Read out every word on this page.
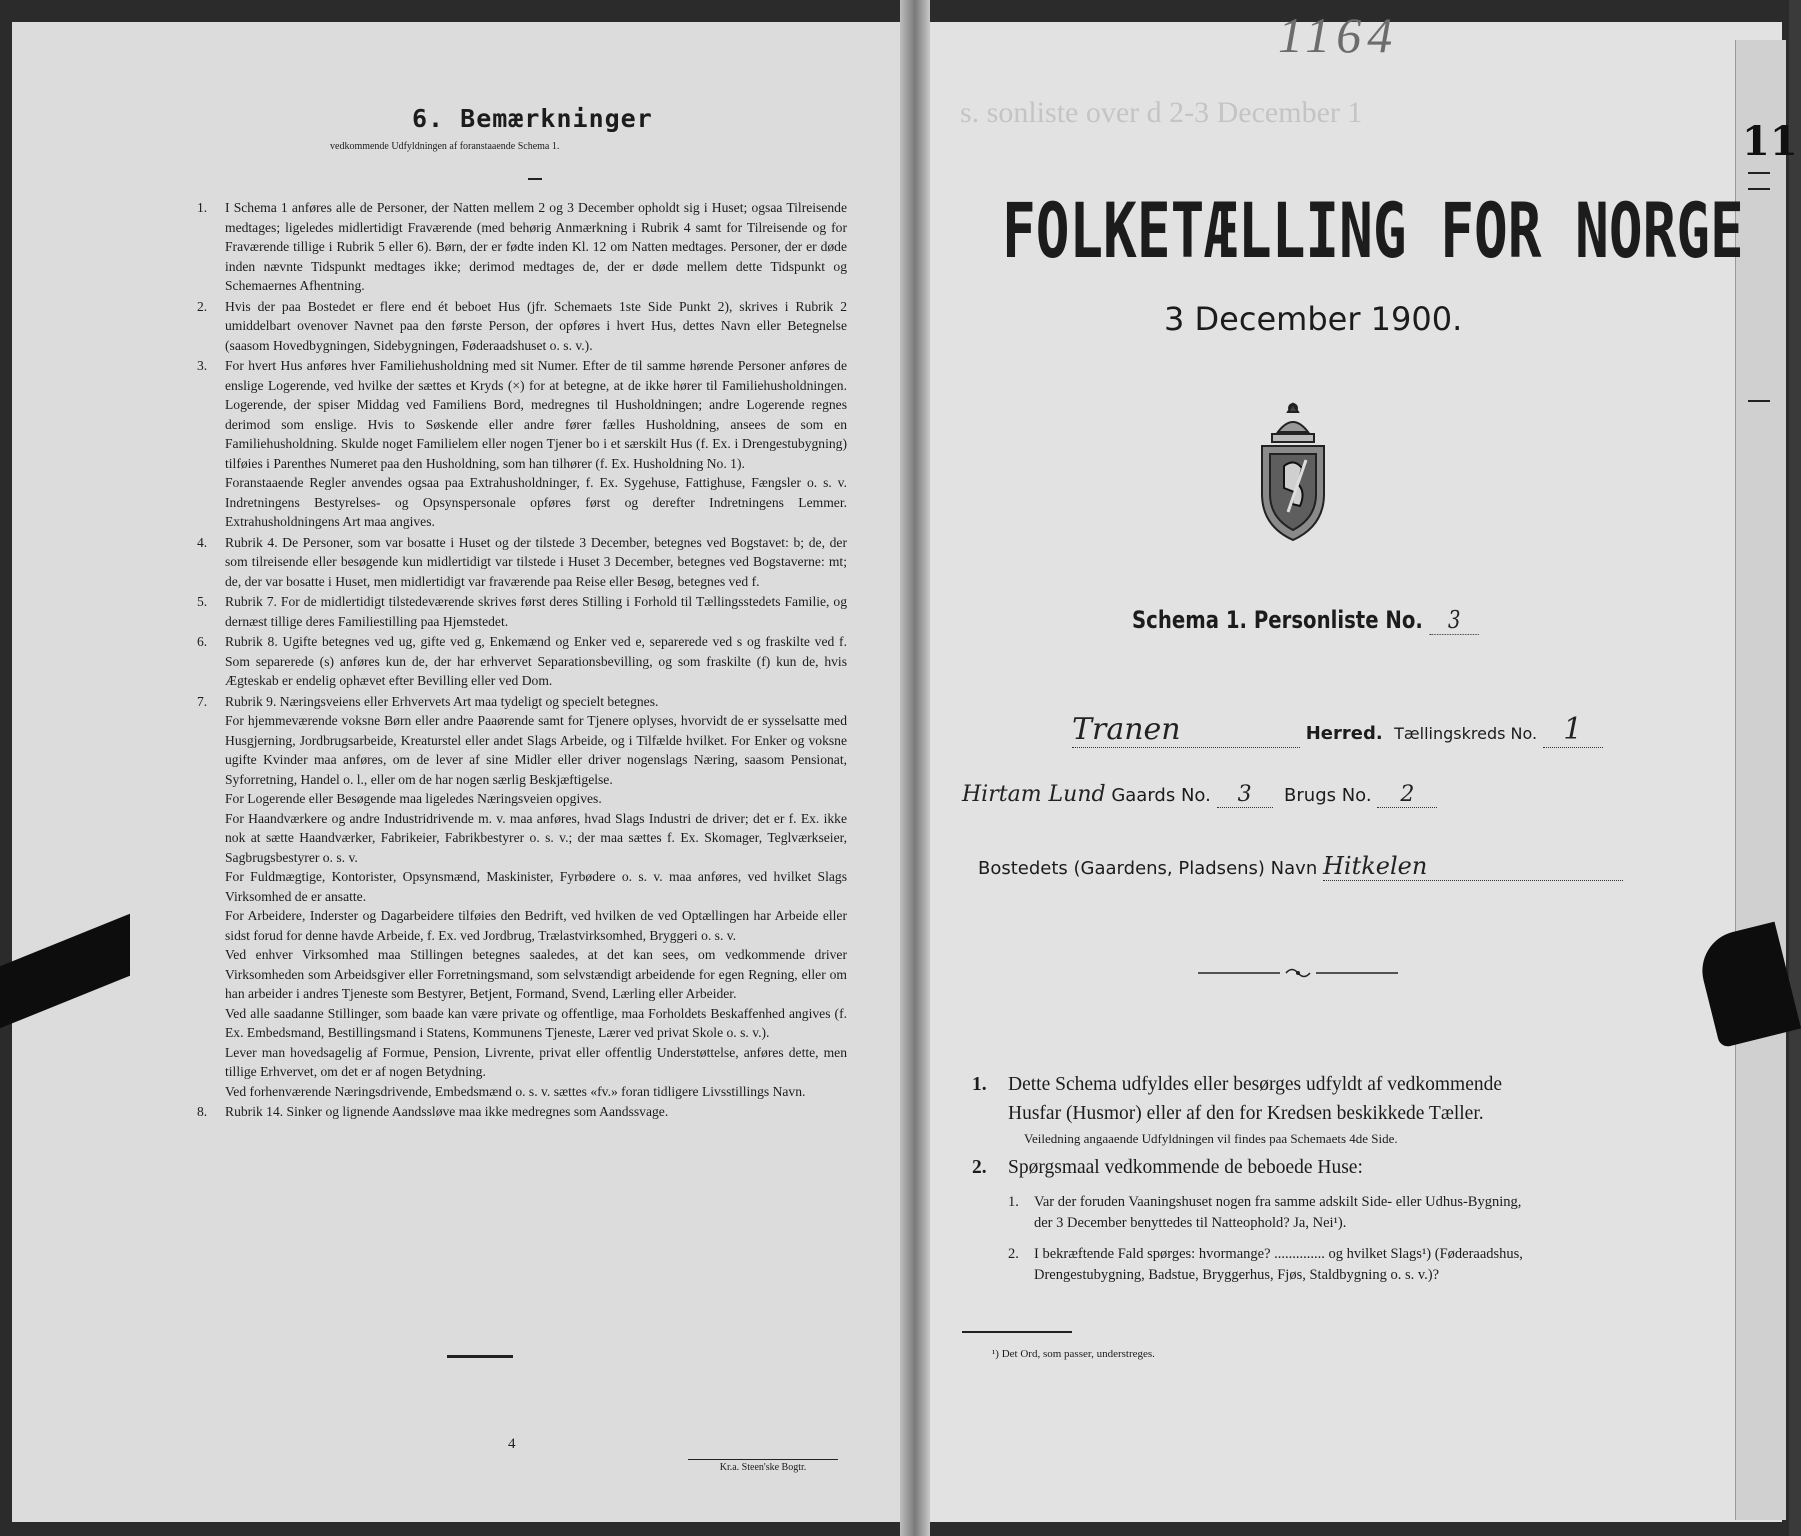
11
6. Bemærkninger
vedkommende Udfyldningen af foranstaaende Schema 1.
1.	I Schema 1 anføres alle de Personer, der Natten mellem 2 og 3 December opholdt sig i Huset; ogsaa Tilreisende medtages; ligeledes midlertidigt Fraværende (med behørig Anmærkning i Rubrik 4 samt for Tilreisende og for Fraværende tillige i Rubrik 5 eller 6). Børn, der er fødte inden Kl. 12 om Natten medtages. Personer, der er døde inden nævnte Tidspunkt medtages ikke; derimod medtages de, der er døde mellem dette Tidspunkt og Schemaernes Afhentning.
2.	Hvis der paa Bostedet er flere end ét beboet Hus (jfr. Schemaets 1ste Side Punkt 2), skrives i Rubrik 2 umiddelbart ovenover Navnet paa den første Person, der opføres i hvert Hus, dettes Navn eller Betegnelse (saasom Hovedbygningen, Sidebygningen, Føderaadshuset o. s. v.).
3.	For hvert Hus anføres hver Familiehusholdning med sit Numer. Efter de til samme hørende Personer anføres de enslige Logerende, ved hvilke der sættes et Kryds (×) for at betegne, at de ikke hører til Familiehusholdningen. Logerende, der spiser Middag ved Familiens Bord, medregnes til Husholdningen; andre Logerende regnes derimod som enslige. Hvis to Søskende eller andre fører fælles Husholdning, ansees de som en Familiehusholdning. Skulde noget Familielem eller nogen Tjener bo i et særskilt Hus (f. Ex. i Drengestubygning) tilføies i Parenthes Numeret paa den Husholdning, som han tilhører (f. Ex. Husholdning No. 1).
Foranstaaende Regler anvendes ogsaa paa Extrahusholdninger, f. Ex. Sygehuse, Fattighuse, Fængsler o. s. v. Indretningens Bestyrelses- og Opsynspersonale opføres først og derefter Indretningens Lemmer. Extrahusholdningens Art maa angives.
4.	Rubrik 4. De Personer, som var bosatte i Huset og der tilstede 3 December, betegnes ved Bogstavet: b; de, der som tilreisende eller besøgende kun midlertidigt var tilstede i Huset 3 December, betegnes ved Bogstaverne: mt; de, der var bosatte i Huset, men midlertidigt var fraværende paa Reise eller Besøg, betegnes ved f.
5.	Rubrik 7. For de midlertidigt tilstedeværende skrives først deres Stilling i Forhold til Tællingsstedets Familie, og dernæst tillige deres Familiestilling paa Hjemstedet.
6.	Rubrik 8. Ugifte betegnes ved ug, gifte ved g, Enkemænd og Enker ved e, separerede ved s og fraskilte ved f. Som separerede (s) anføres kun de, der har erhvervet Separationsbevilling, og som fraskilte (f) kun de, hvis Ægteskab er endelig ophævet efter Bevilling eller ved Dom.
7.	Rubrik 9. Næringsveiens eller Erhvervets Art maa tydeligt og specielt betegnes.
For hjemmeværende voksne Børn eller andre Paaørende samt for Tjenere oplyses, hvorvidt de er sysselsatte med Husgjerning, Jordbrugsarbeide, Kreaturstel eller andet Slags Arbeide, og i Tilfælde hvilket. For Enker og voksne ugifte Kvinder maa anføres, om de lever af sine Midler eller driver nogenslags Næring, saasom Pensionat, Syforretning, Handel o. l., eller om de har nogen særlig Beskjæftigelse.
For Logerende eller Besøgende maa ligeledes Næringsveien opgives.
For Haandværkere og andre Industridrivende m. v. maa anføres, hvad Slags Industri de driver; det er f. Ex. ikke nok at sætte Haandværker, Fabrikeier, Fabrikbestyrer o. s. v.; der maa sættes f. Ex. Skomager, Teglværkseier, Sagbrugsbestyrer o. s. v.
For Fuldmægtige, Kontorister, Opsynsmænd, Maskinister, Fyrbødere o. s. v. maa anføres, ved hvilket Slags Virksomhed de er ansatte.
For Arbeidere, Inderster og Dagarbeidere tilføies den Bedrift, ved hvilken de ved Optællingen har Arbeide eller sidst forud for denne havde Arbeide, f. Ex. ved Jordbrug, Trælastvirksomhed, Bryggeri o. s. v.
Ved enhver Virksomhed maa Stillingen betegnes saaledes, at det kan sees, om vedkommende driver Virksomheden som Arbeidsgiver eller Forretningsmand, som selvstændigt arbeidende for egen Regning, eller om han arbeider i andres Tjeneste som Bestyrer, Betjent, Formand, Svend, Lærling eller Arbeider.
Ved alle saadanne Stillinger, som baade kan være private og offentlige, maa Forholdets Beskaffenhed angives (f. Ex. Embedsmand, Bestillingsmand i Statens, Kommunens Tjeneste, Lærer ved privat Skole o. s. v.).
Lever man hovedsagelig af Formue, Pension, Livrente, privat eller offentlig Understøttelse, anføres dette, men tillige Erhvervet, om det er af nogen Betydning.
Ved forhenværende Næringsdrivende, Embedsmænd o. s. v. sættes «fv.» foran tidligere Livsstillings Navn.
8.	Rubrik 14. Sinker og lignende Aandssløve maa ikke medregnes som Aandssvage.
4
Kr.a. Steen'ske Bogtr.
1164
s. sonliste over d 2-3 December 1
FOLKETÆLLING FOR NORGE
3 December 1900.
Schema 1. Personliste No. 3
Tranen	Herred. Tællingskreds No. 1
Hirtam Lund Gaards No. 3 Brugs No. 2
Bostedets (Gaardens, Pladsens) Navn Hitkelen
1.	Dette Schema udfyldes eller besørges udfyldt af vedkommende Husfar (Husmor) eller af den for Kredsen beskikkede Tæller.
Veiledning angaaende Udfyldningen vil findes paa Schemaets 4de Side.
2.	Spørgsmaal vedkommende de beboede Huse:
1.	Var der foruden Vaaningshuset nogen fra samme adskilt Side- eller Udhus-Bygning, der 3 December benyttedes til Natteophold? Ja, Nei¹).
2.	I bekræftende Fald spørges: hvormange? .............. og hvilket Slags¹) (Føderaadshus, Drengestubygning, Badstue, Bryggerhus, Fjøs, Staldbygning o. s. v.)?
¹) Det Ord, som passer, understreges.
